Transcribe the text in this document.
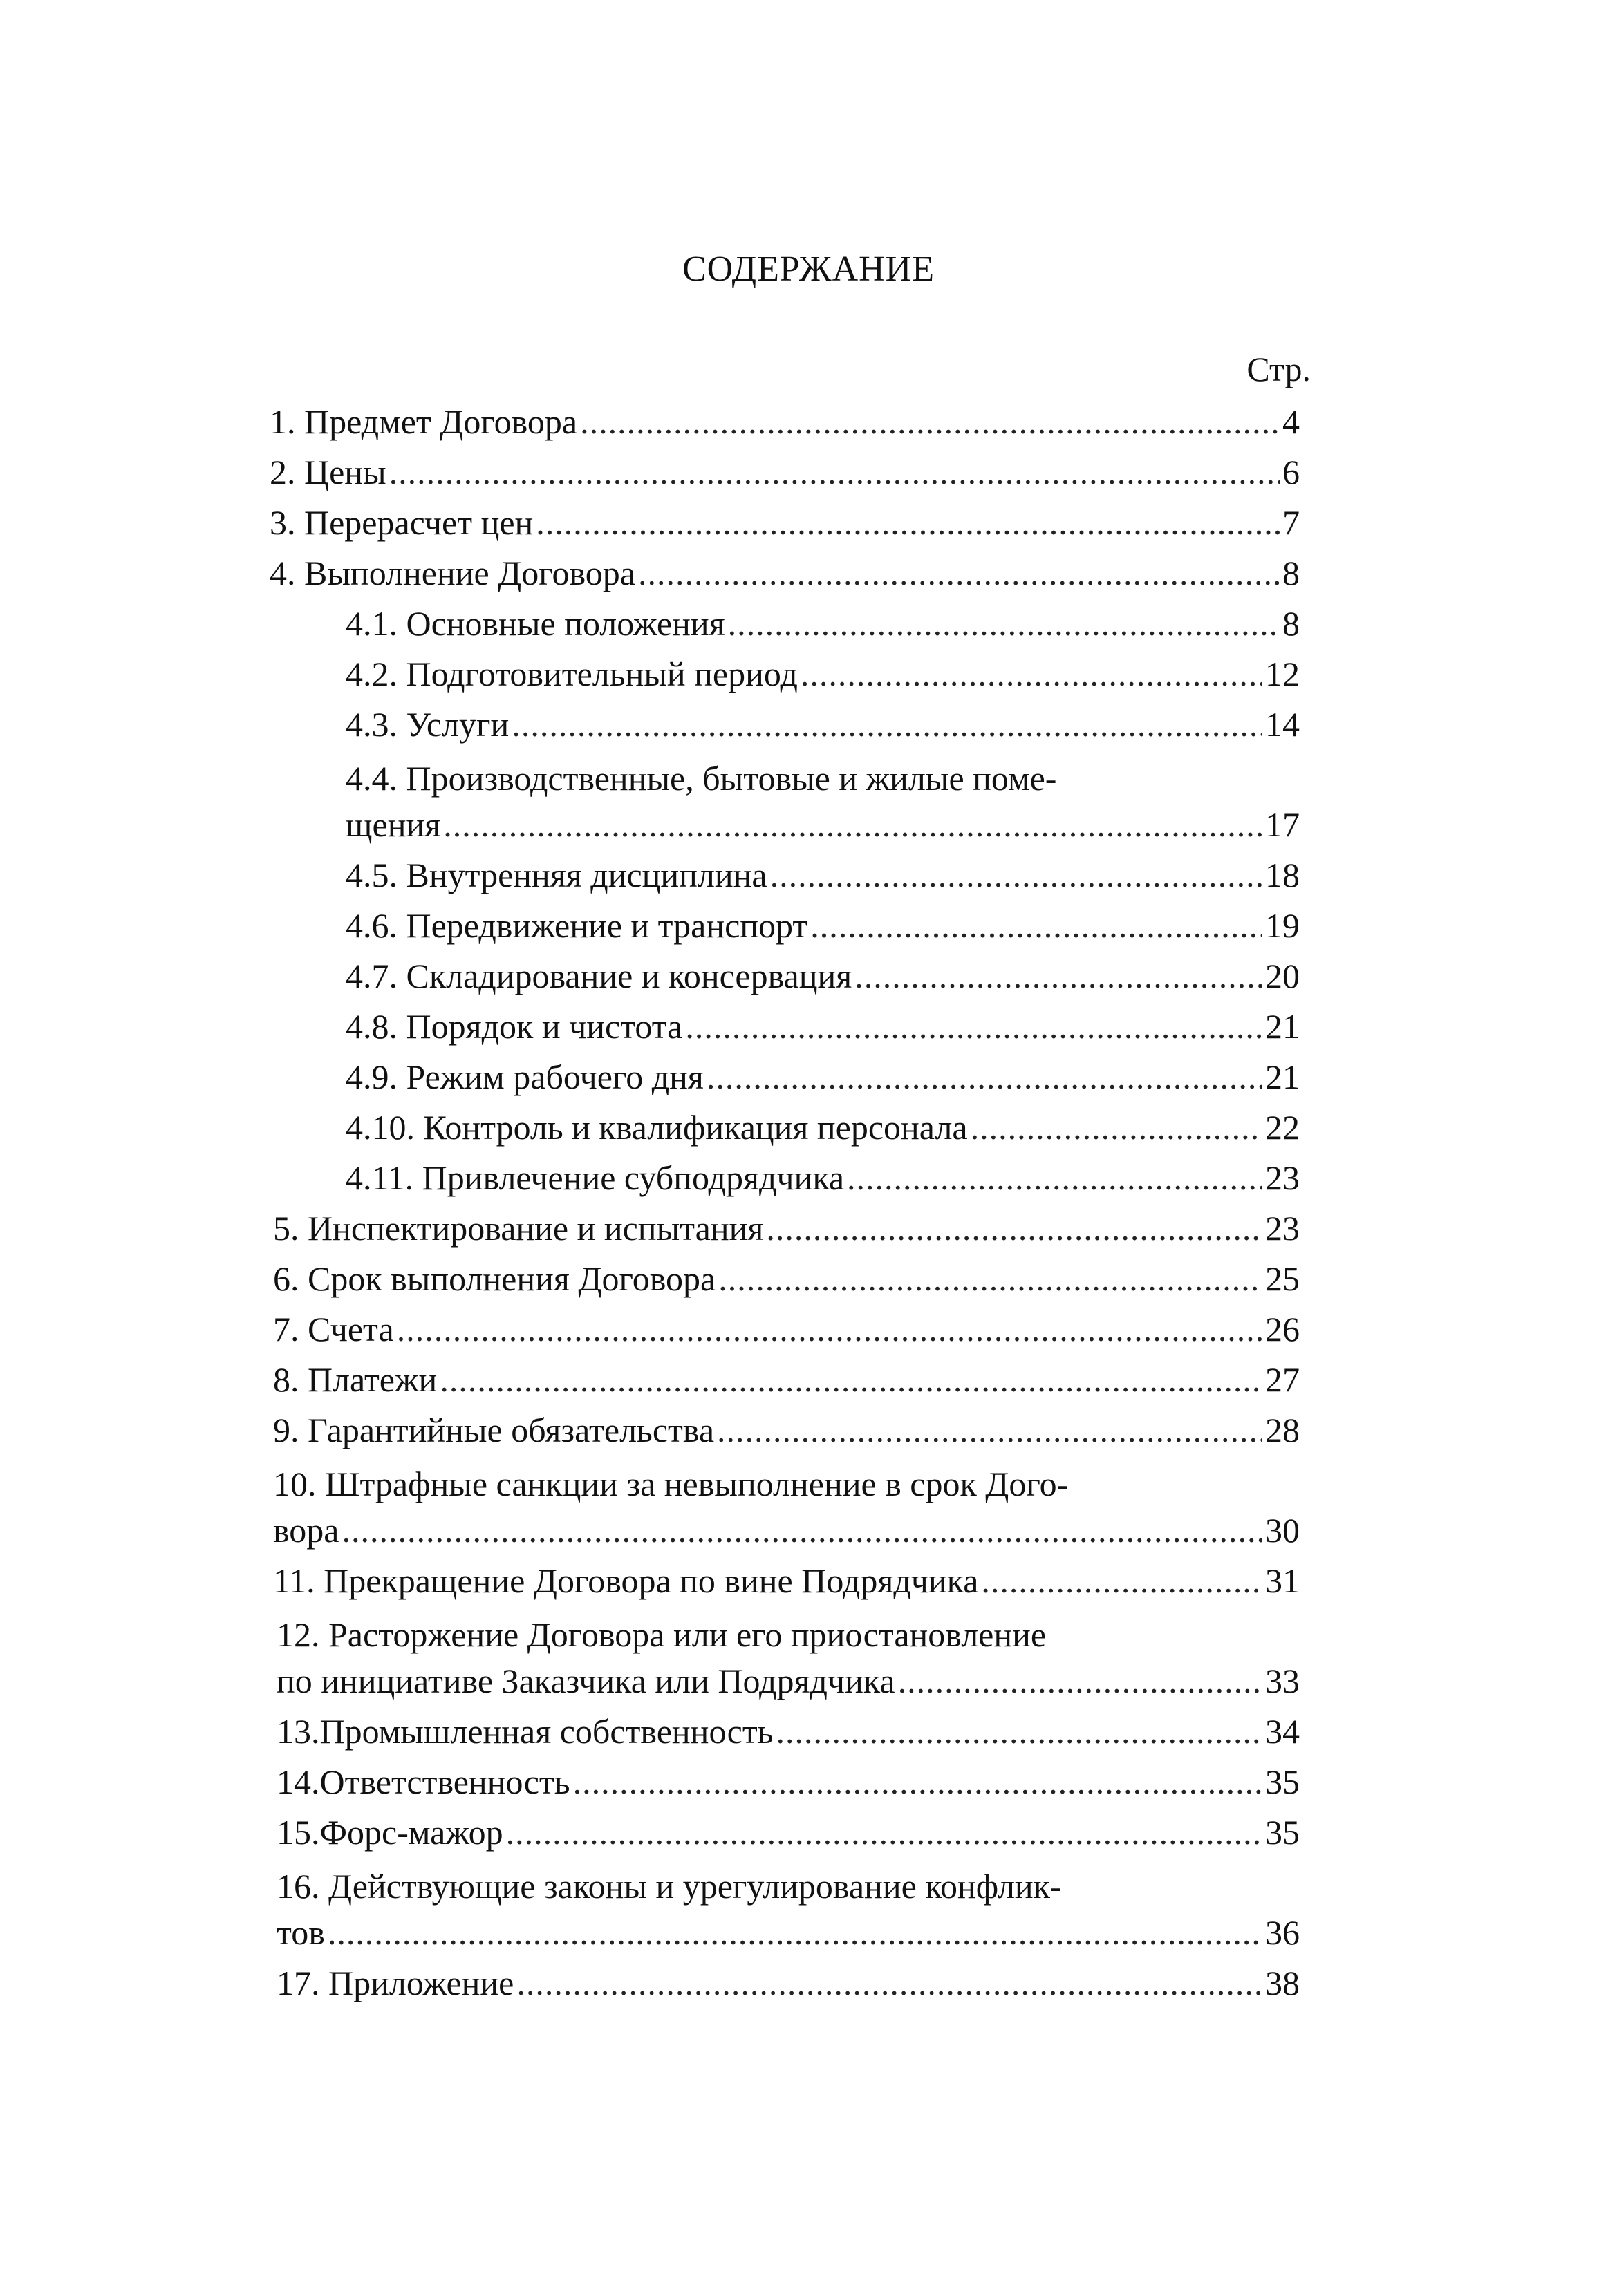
СОДЕРЖАНИЕ
Стр.
1. Предмет Договора .....	4
2. Цены .....	6
3. Перерасчет цен .....	7
4. Выполнение Договора .....	8
4.1. Основные положения .....	8
4.2. Подготовительный период .....	12
4.3. Услуги .....	14
4.4. Производственные, бытовые и жилые поме-
щения .....	17
4.5. Внутренняя дисциплина .....	18
4.6. Передвижение и транспорт .....	19
4.7. Складирование и консервация .....	20
4.8. Порядок и чистота .....	21
4.9. Режим рабочего дня .....	21
4.10. Контроль и квалификация персонала .....	22
4.11. Привлечение субподрядчика .....	23
5. Инспектирование и испытания .....	23
6. Срок выполнения Договора .....	25
7. Счета .....	26
8. Платежи .....	27
9. Гарантийные обязательства .....	28
10. Штрафные санкции за невыполнение в срок Дого-
вора .....	30
11. Прекращение Договора по вине Подрядчика .....	31
12. Расторжение Договора или его приостановление
по инициативе Заказчика или Подрядчика .....	33
13.Промышленная собственность .....	34
14.Ответственность .....	35
15.Форс-мажор .....	35
16. Действующие законы и урегулирование конфлик-
тов .....	36
17. Приложение .....	38
